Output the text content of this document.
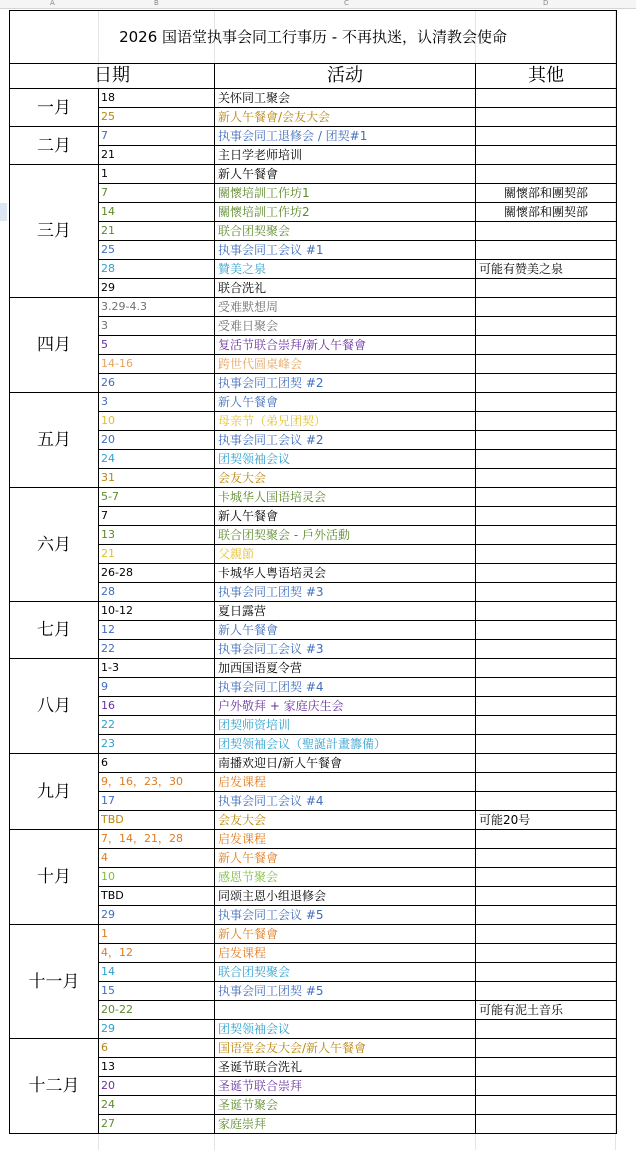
A	B	C	D
2026 国语堂执事会同工行事历 - 不再执迷，认清教会使命			
日期		活动	其他
一月	18	关怀同工聚会	
	25	新人午餐會/会友大会	
二月	7	执事会同工退修会 / 团契#1	
	21	主日学老师培训	
三月	1	新人午餐會	
	7	關懷培訓工作坊1	關懷部和團契部
	14	關懷培訓工作坊2	關懷部和團契部
	21	联合团契聚会	
	25	执事会同工会议 #1	
	28	贊美之泉	可能有赞美之泉
	29	联合洗礼	
四月	3.29-4.3	受难默想周	
	3	受难日聚会	
	5	复活节联合崇拜/新人午餐會	
	14-16	跨世代圆桌峰会	
	26	执事会同工团契 #2	
五月	3	新人午餐會	
	10	母亲节（弟兄团契）	
	20	执事会同工会议 #2	
	24	团契领袖会议	
	31	会友大会	
六月	5-7	卡城华人国语培灵会	
	7	新人午餐會	
	13	联合团契聚会 - 戶外活動	
	21	父親節	
	26-28	卡城华人粤语培灵会	
	28	执事会同工团契 #3	
七月	10-12	夏日露营	
	12	新人午餐會	
	22	执事会同工会议 #3	
八月	1-3	加西国语夏令营	
	9	执事会同工团契 #4	
	16	户外敬拜 + 家庭庆生会	
	22	团契师资培训	
	23	团契领袖会议（聖誕計畫籌備）	
九月	6	南播欢迎日/新人午餐會	
	9，16，23，30	启发课程	
	17	执事会同工会议 #4	
	TBD	会友大会	可能20号
十月	7，14，21，28	启发课程	
	4	新人午餐會	
	10	感恩节聚会	
	TBD	同颂主恩小组退修会	
	29	执事会同工会议 #5	
十一月	1	新人午餐會	
	4，12	启发课程	
	14	联合团契聚会	
	15	执事会同工团契 #5	
	20-22		可能有泥土音乐
	29	团契领袖会议	
十二月	6	国语堂会友大会/新人午餐會	
	13	圣诞节联合洗礼	
	20	圣诞节联合崇拜	
	24	圣诞节聚会	
	27	家庭崇拜	
